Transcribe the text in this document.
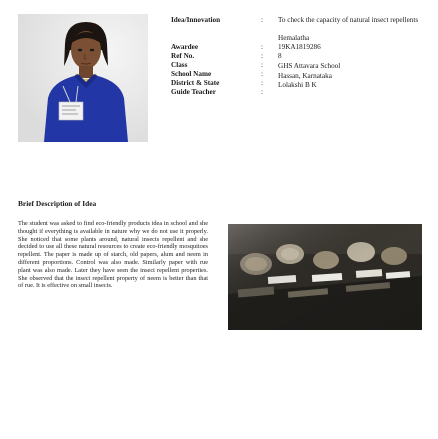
Idea/Innovation	: To check the capacity of natural insect repellents
Awardee	:
Hemalatha
Ref No.	:
19KA1819286
Class	:
8
School Name	:
GHS Attavara School
District & State	:
Hassan, Karnataka
Guide Teacher	:
Lolakshi B K
Brief Description of Idea
The student was asked to find eco-friendly products idea in school and she thought if everything is available in nature why we do not use it properly. She noticed that some plants around, natural insects repellent and she decided to use all these natural resources to create eco-friendly mosquitoes repellent. The paper is made up of starch, old papers, alum and neem in different proportions. Control was also made. Similarly paper with rue plant was also made. Later they have seen the insect repellent properties. She observed that the insect repellent property of neem is better than that of rue. It is effective on small insects.
